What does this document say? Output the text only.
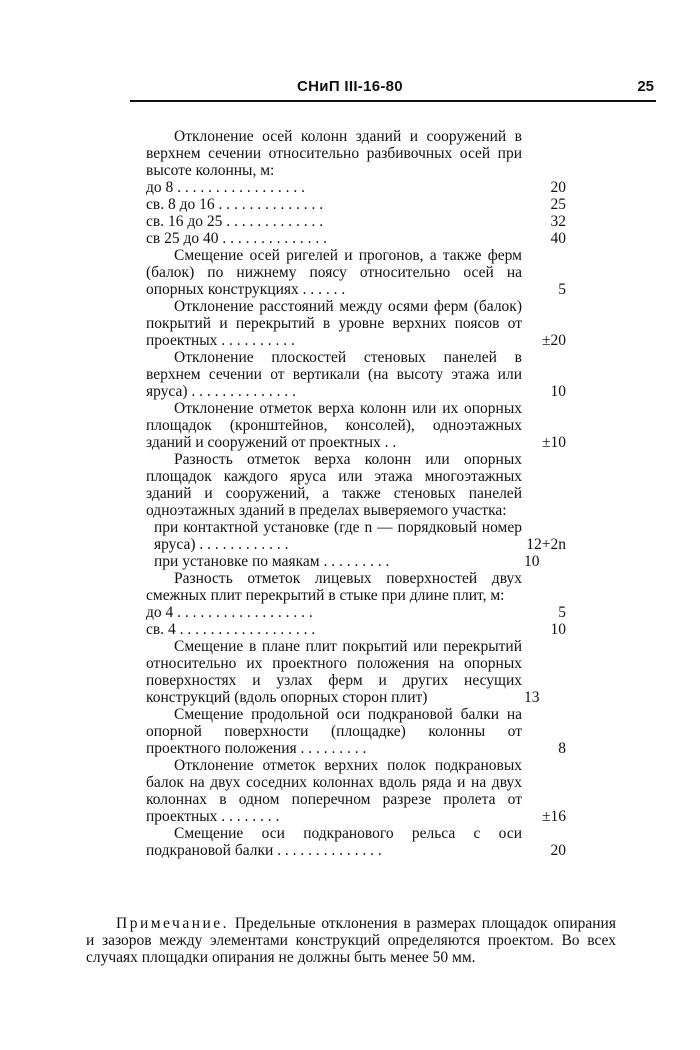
СНиП III-16-80	25
Отклонение осей колонн зданий и сооружений в верхнем сечении относительно разбивочных осей при высоте колонны, м:
до 8 . . . . . . . . . . . . . . . . .	20
св. 8 до 16 . . . . . . . . . . . . . .	25
св. 16 до 25 . . . . . . . . . . . . .	32
св 25 до 40 . . . . . . . . . . . . . .	40
Смещение осей ригелей и прогонов, а также ферм (балок) по нижнему поясу относительно осей на опорных конструкциях . . . . . .	5
Отклонение расстояний между осями ферм (балок) покрытий и перекрытий в уровне верхних поясов от проектных . . . . . . . . . .	±20
Отклонение плоскостей стеновых панелей в верхнем сечении от вертикали (на высоту этажа или яруса) . . . . . . . . . . . . . .	10
Отклонение отметок верха колонн или их опорных площадок (кронштейнов, консолей), одноэтажных зданий и сооружений от проектных . .	±10
Разность отметок верха колонн или опорных площадок каждого яруса или этажа многоэтажных зданий и сооружений, а также стеновых панелей одноэтажных зданий в пределах выверяемого участка:
при контактной установке (где n — порядковый номер яруса) . . . . . . . . . . . .	12+2n
при установке по маякам . . . . . . . . .	10
Разность отметок лицевых поверхностей двух смежных плит перекрытий в стыке при длине плит, м:
до 4 . . . . . . . . . . . . . . . . . .	5
св. 4 . . . . . . . . . . . . . . . . . .	10
Смещение в плане плит покрытий или перекрытий относительно их проектного положения на опорных поверхностях и узлах ферм и других несущих конструкций (вдоль опорных сторон плит)	13
Смещение продольной оси подкрановой балки на опорной поверхности (площадке) колонны от проектного положения . . . . . . . . .	8
Отклонение отметок верхних полок подкрановых балок на двух соседних колоннах вдоль ряда и на двух колоннах в одном поперечном разрезе пролета от проектных . . . . . . . .	±16
Смещение оси подкранового рельса с оси подкрановой балки . . . . . . . . . . . . . .	20
Примечание. Предельные отклонения в размерах площадок опирания и зазоров между элементами конструкций определяются проектом. Во всех случаях площадки опирания не должны быть менее 50 мм.
